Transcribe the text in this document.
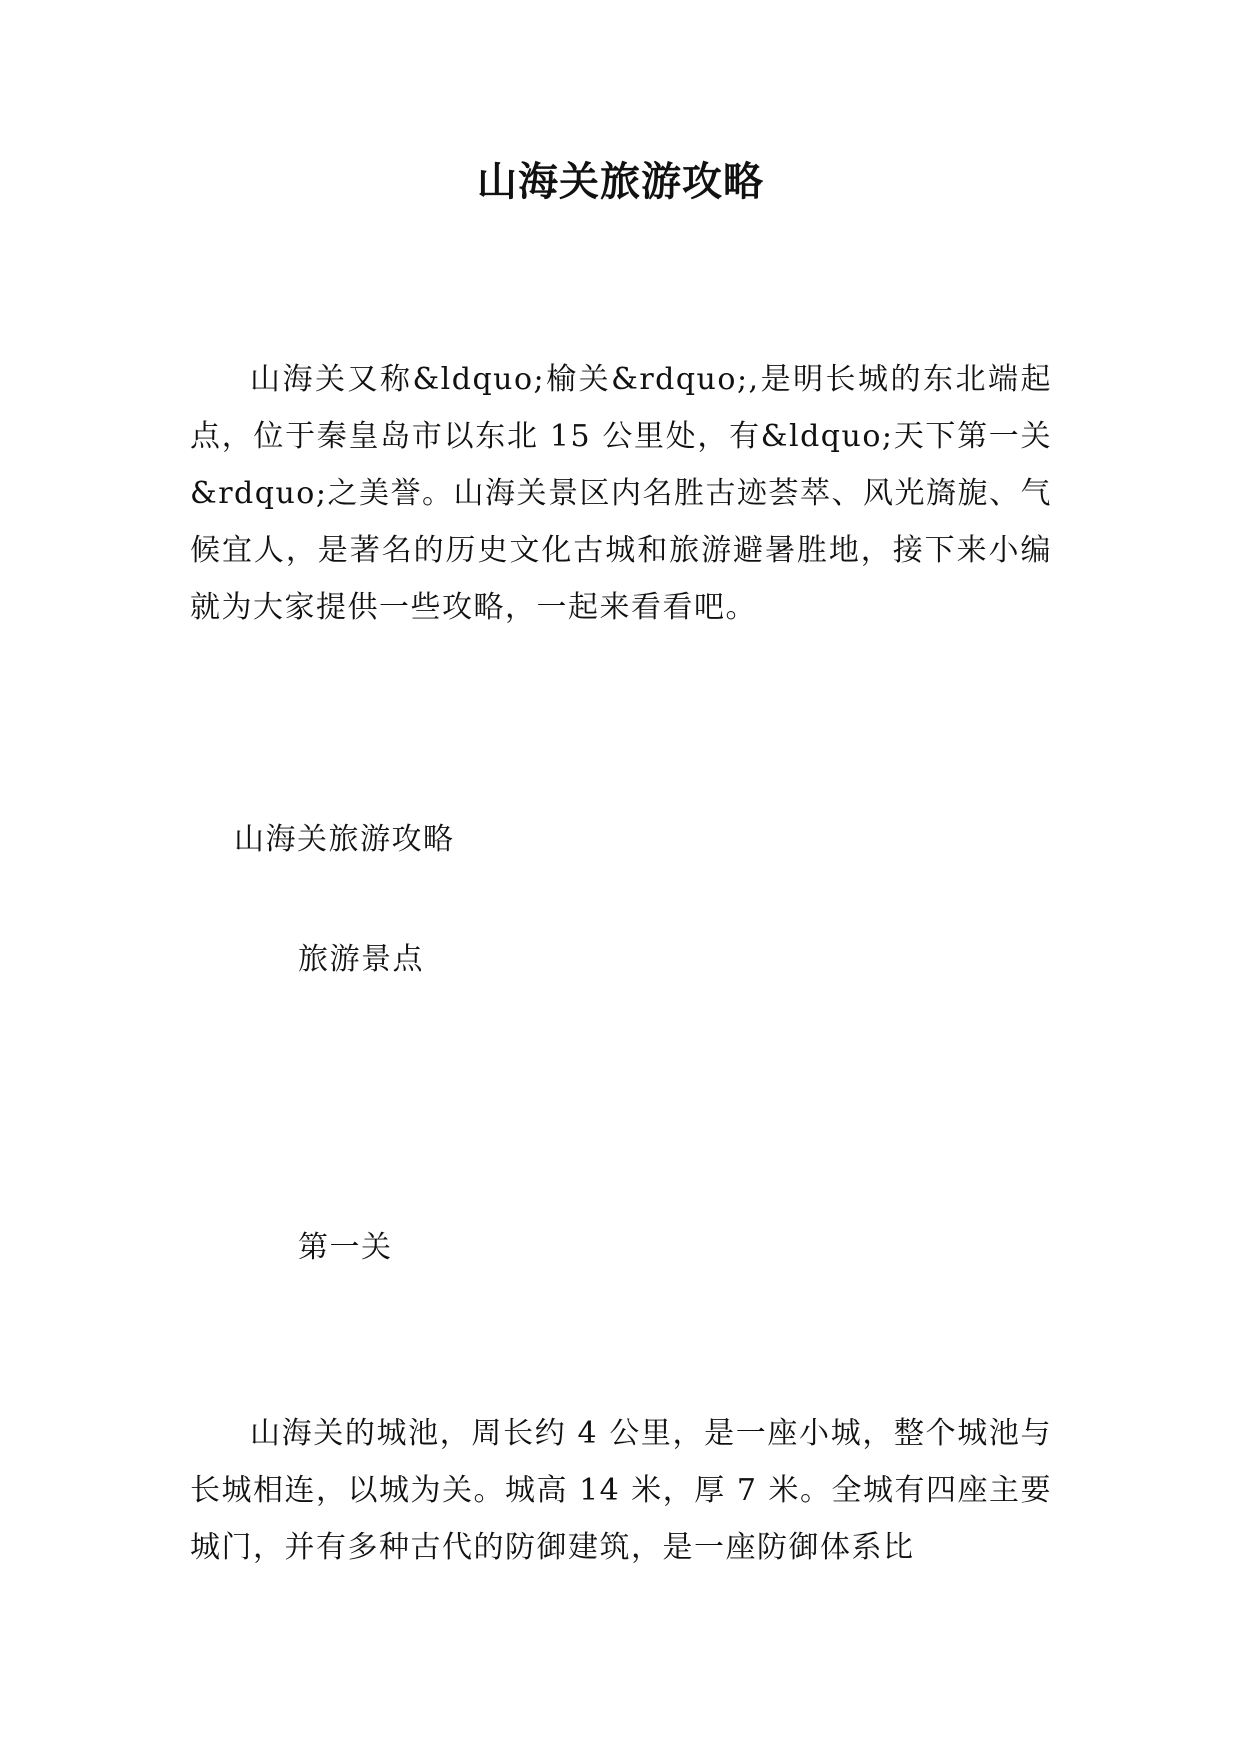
山海关旅游攻略

山海关又称&ldquo;榆关&rdquo;,是明长城的东北端起点，位于秦皇岛市以东北 15 公里处，有&ldquo;天下第一关&rdquo;之美誉。山海关景区内名胜古迹荟萃、风光旖旎、气候宜人，是著名的历史文化古城和旅游避暑胜地，接下来小编就为大家提供一些攻略，一起来看看吧。

山海关旅游攻略

旅游景点

第一关

山海关的城池，周长约 4 公里，是一座小城，整个城池与长城相连，以城为关。城高 14 米，厚 7 米。全城有四座主要城门，并有多种古代的防御建筑，是一座防御体系比
